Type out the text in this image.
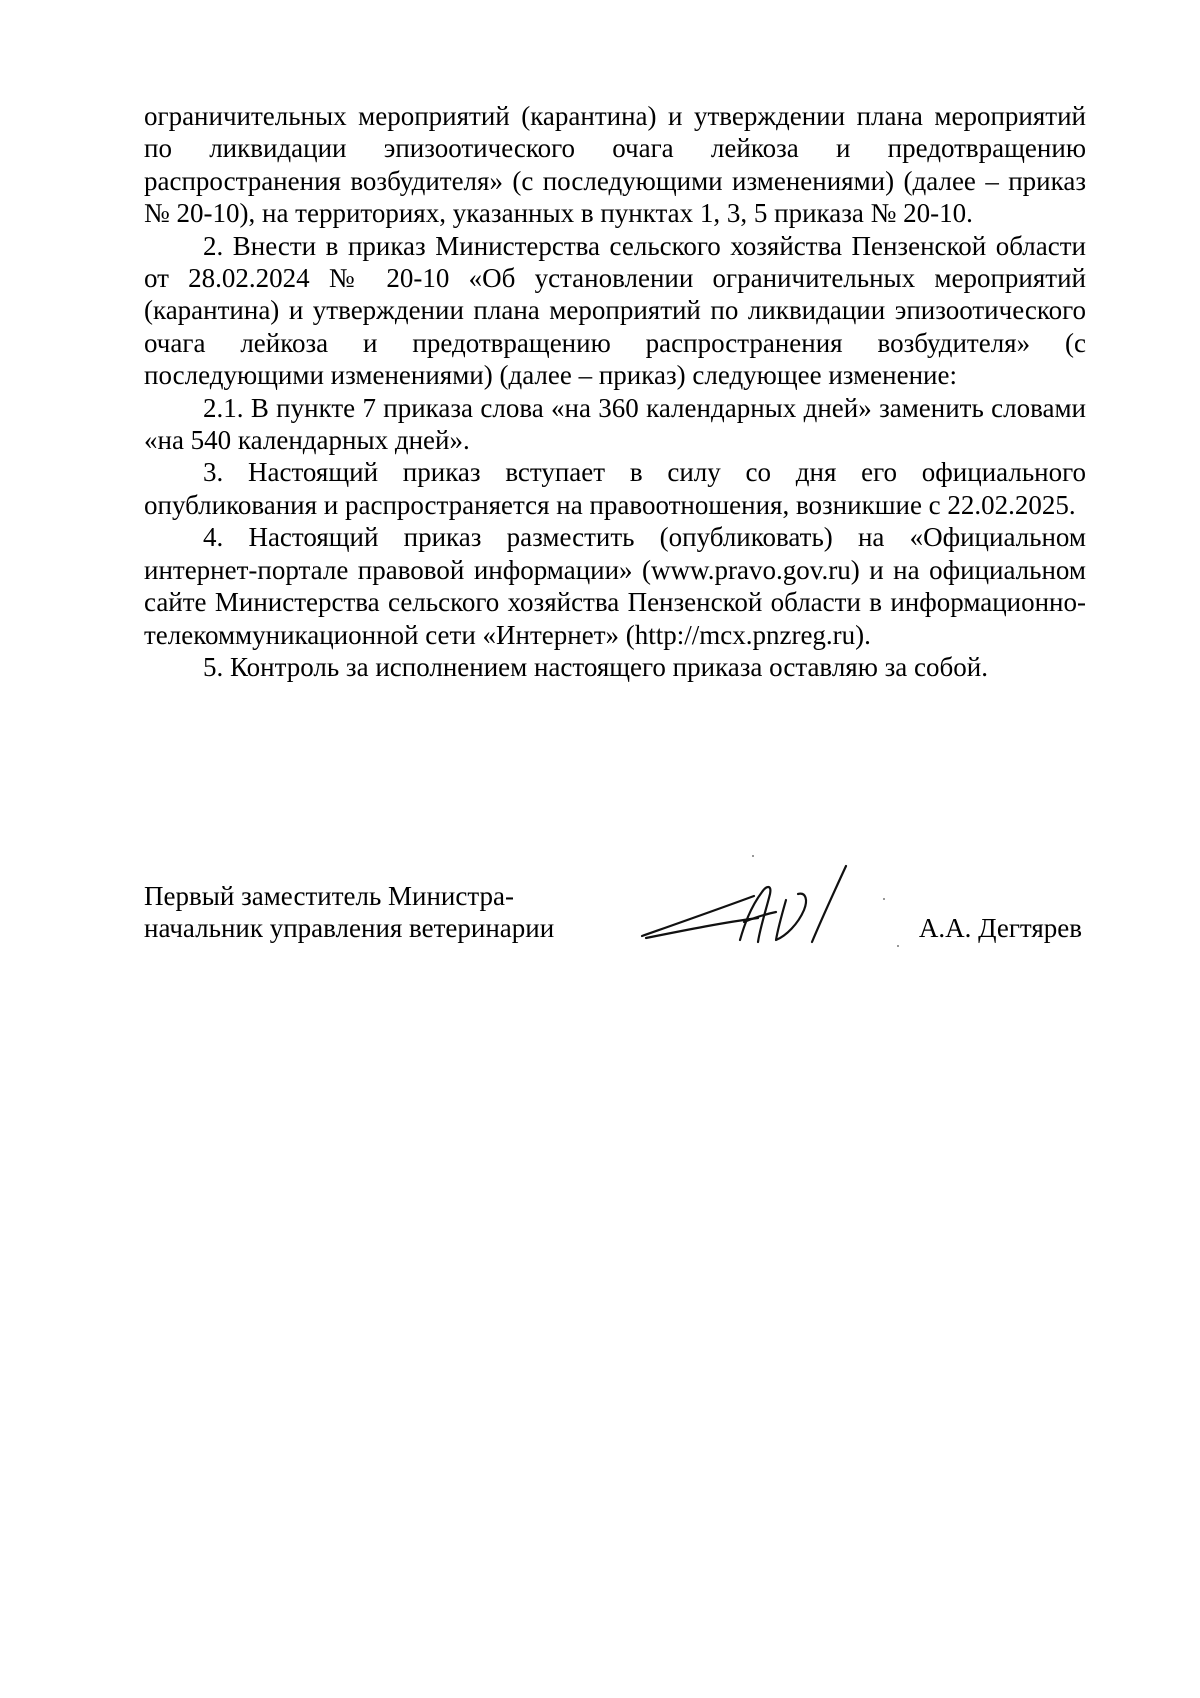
ограничительных мероприятий (карантина) и утверждении плана мероприятий по ликвидации эпизоотического очага лейкоза и предотвращению распространения возбудителя» (с последующими изменениями) (далее – приказ № 20-10), на территориях, указанных в пунктах 1, 3, 5 приказа № 20-10.

2. Внести в приказ Министерства сельского хозяйства Пензенской области от 28.02.2024 № 20-10 «Об установлении ограничительных мероприятий (карантина) и утверждении плана мероприятий по ликвидации эпизоотического очага лейкоза и предотвращению распространения возбудителя» (с последующими изменениями) (далее – приказ) следующее изменение:

2.1. В пункте 7 приказа слова «на 360 календарных дней» заменить словами «на 540 календарных дней».

3. Настоящий приказ вступает в силу со дня его официального опубликования и распространяется на правоотношения, возникшие с 22.02.2025.

4. Настоящий приказ разместить (опубликовать) на «Официальном интернет-портале правовой информации» (www.pravo.gov.ru) и на официальном сайте Министерства сельского хозяйства Пензенской области в информационно-телекоммуникационной сети «Интернет» (http://mcx.pnzreg.ru).

5. Контроль за исполнением настоящего приказа оставляю за собой.

Первый заместитель Министра-
начальник управления ветеринарии	А.А. Дегтярев
